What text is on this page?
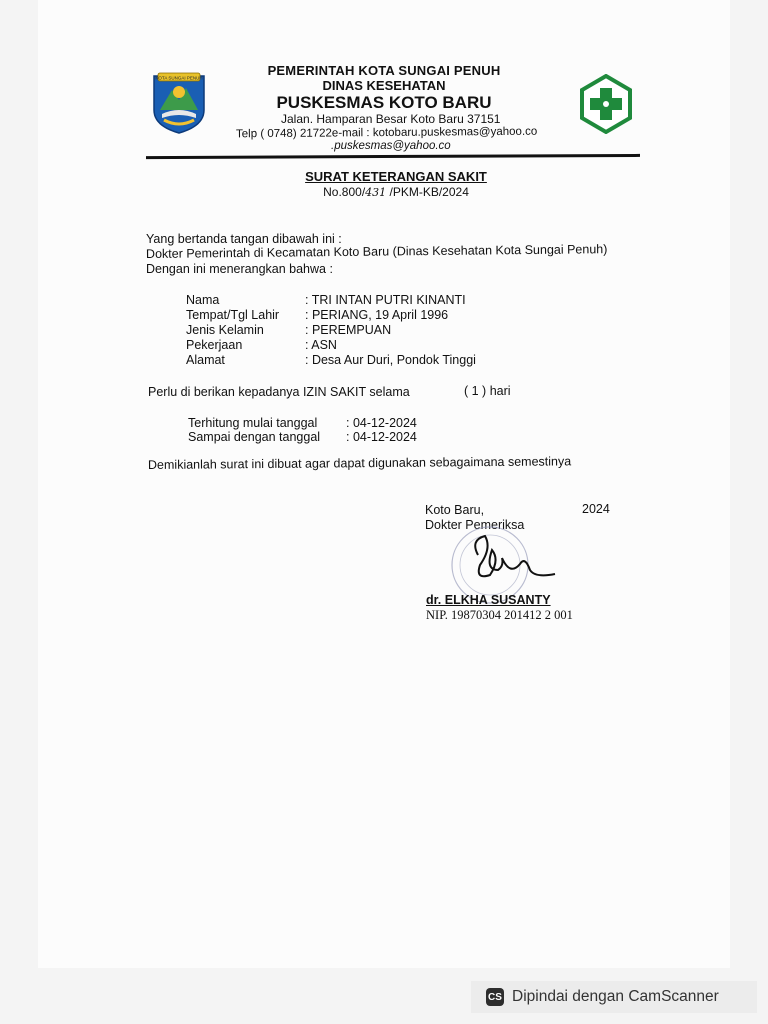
KOTA SUNGAI PENUH	PEMERINTAH KOTA SUNGAI PENUH
DINAS KESEHATAN
PUSKESMAS KOTO BARU
Jalan. Hamparan Besar Koto Baru 37151
Telp ( 0748) 21722e-mail : kotobaru.puskesmas@yahoo.co
.puskesmas@yahoo.co
SURAT KETERANGAN SAKIT
No.800/431 /PKM-KB/2024
Yang bertanda tangan dibawah ini :
Dokter Pemerintah di Kecamatan Koto Baru (Dinas Kesehatan Kota Sungai Penuh)
Dengan ini menerangkan bahwa :
Nama	: TRI INTAN PUTRI KINANTI
Tempat/Tgl Lahir : PERIANG, 19 April 1996
Jenis Kelamin	: PEREMPUAN
Pekerjaan	: ASN
Alamat	: Desa Aur Duri, Pondok Tinggi
Perlu di berikan kepadanya IZIN SAKIT selama	( 1 ) hari
Terhitung mulai tanggal : 04-12-2024
Sampai dengan tanggal : 04-12-2024
Demikianlah surat ini dibuat agar dapat digunakan sebagaimana semestinya
Koto Baru,	2024
Dokter Pemeriksa
dr. ELKHA SUSANTY
NIP. 19870304 201412 2 001
CS Dipindai dengan CamScanner
